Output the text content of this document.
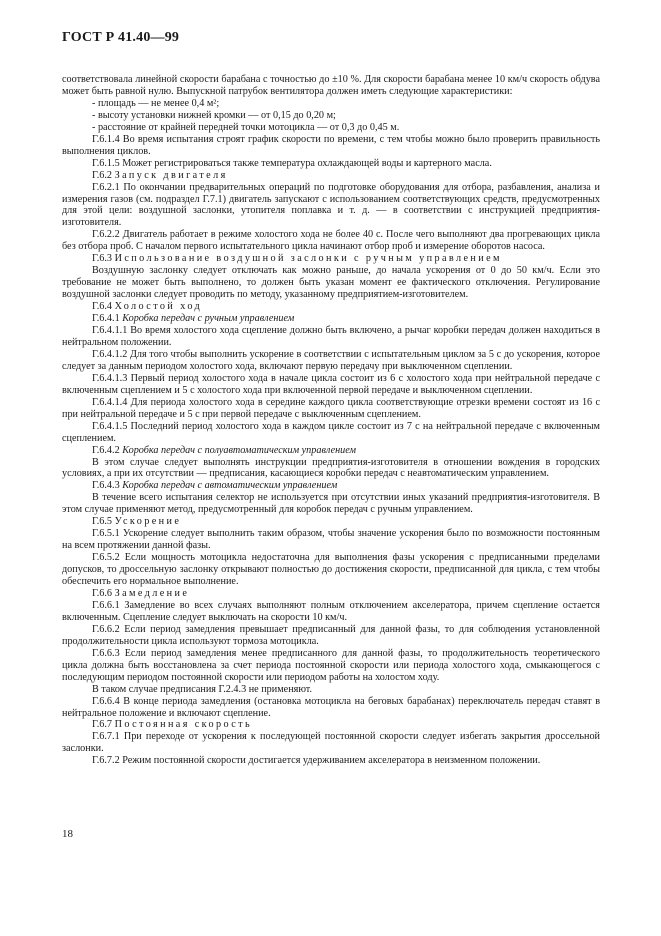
ГОСТ Р 41.40—99

соответствовала линейной скорости барабана с точностью до ±10 %. Для скорости барабана менее 10 км/ч скорость обдува может быть равной нулю. Выпускной патрубок вентилятора должен иметь следующие характеристики:

- площадь — не менее 0,4 м²;

- высоту установки нижней кромки — от 0,15 до 0,20 м;

- расстояние от крайней передней точки мотоцикла — от 0,3 до 0,45 м.

Г.6.1.4 Во время испытания строят график скорости по времени, с тем чтобы можно было проверить правильность выполнения циклов.

Г.6.1.5 Может регистрироваться также температура охлаждающей воды и картерного масла.

Г.6.2 Запуск двигателя

Г.6.2.1 По окончании предварительных операций по подготовке оборудования для отбора, разбавления, анализа и измерения газов (см. подраздел Г.7.1) двигатель запускают с использованием соответствующих средств, предусмотренных для этой цели: воздушной заслонки, утопителя поплавка и т. д. — в соответствии с инструкцией предприятия-изготовителя.

Г.6.2.2 Двигатель работает в режиме холостого хода не более 40 с. После чего выполняют два прогревающих цикла без отбора проб. С началом первого испытательного цикла начинают отбор проб и измерение оборотов насоса.

Г.6.3 Использование воздушной заслонки с ручным управлением

Воздушную заслонку следует отключать как можно раньше, до начала ускорения от 0 до 50 км/ч. Если это требование не может быть выполнено, то должен быть указан момент ее фактического отключения. Регулирование воздушной заслонки следует проводить по методу, указанному предприятием-изготовителем.

Г.6.4 Холостой ход

Г.6.4.1 Коробка передач с ручным управлением

Г.6.4.1.1 Во время холостого хода сцепление должно быть включено, а рычаг коробки передач должен находиться в нейтральном положении.

Г.6.4.1.2 Для того чтобы выполнить ускорение в соответствии с испытательным циклом за 5 с до ускорения, которое следует за данным периодом холостого хода, включают первую передачу при выключенном сцеплении.

Г.6.4.1.3 Первый период холостого хода в начале цикла состоит из 6 с холостого хода при нейтральной передаче с включенным сцеплением и 5 с холостого хода при включенной первой передаче и выключенном сцеплении.

Г.6.4.1.4 Для периода холостого хода в середине каждого цикла соответствующие отрезки времени состоят из 16 с при нейтральной передаче и 5 с при первой передаче с выключенным сцеплением.

Г.6.4.1.5 Последний период холостого хода в каждом цикле состоит из 7 с на нейтральной передаче с включенным сцеплением.

Г.6.4.2 Коробка передач с полуавтоматическим управлением

В этом случае следует выполнять инструкции предприятия-изготовителя в отношении вождения в городских условиях, а при их отсутствии — предписания, касающиеся коробки передач с неавтоматическим управлением.

Г.6.4.3 Коробка передач с автоматическим управлением

В течение всего испытания селектор не используется при отсутствии иных указаний предприятия-изготовителя. В этом случае применяют метод, предусмотренный для коробок передач с ручным управлением.

Г.6.5 Ускорение

Г.6.5.1 Ускорение следует выполнить таким образом, чтобы значение ускорения было по возможности постоянным на всем протяжении данной фазы.

Г.6.5.2 Если мощность мотоцикла недостаточна для выполнения фазы ускорения с предписанными пределами допусков, то дроссельную заслонку открывают полностью до достижения скорости, предписанной для цикла, с тем чтобы обеспечить его нормальное выполнение.

Г.6.6 Замедление

Г.6.6.1 Замедление во всех случаях выполняют полным отключением акселератора, причем сцепление остается включенным. Сцепление следует выключать на скорости 10 км/ч.

Г.6.6.2 Если период замедления превышает предписанный для данной фазы, то для соблюдения установленной продолжительности цикла используют тормоза мотоцикла.

Г.6.6.3 Если период замедления менее предписанного для данной фазы, то продолжительность теоретического цикла должна быть восстановлена за счет периода постоянной скорости или периода холостого хода, смыкающегося с последующим периодом постоянной скорости или периодом работы на холостом ходу.

В таком случае предписания Г.2.4.3 не применяют.

Г.6.6.4 В конце периода замедления (остановка мотоцикла на беговых барабанах) переключатель передач ставят в нейтральное положение и включают сцепление.

Г.6.7 Постоянная скорость

Г.6.7.1 При переходе от ускорения к последующей постоянной скорости следует избегать закрытия дроссельной заслонки.

Г.6.7.2 Режим постоянной скорости достигается удерживанием акселератора в неизменном положении.

18
